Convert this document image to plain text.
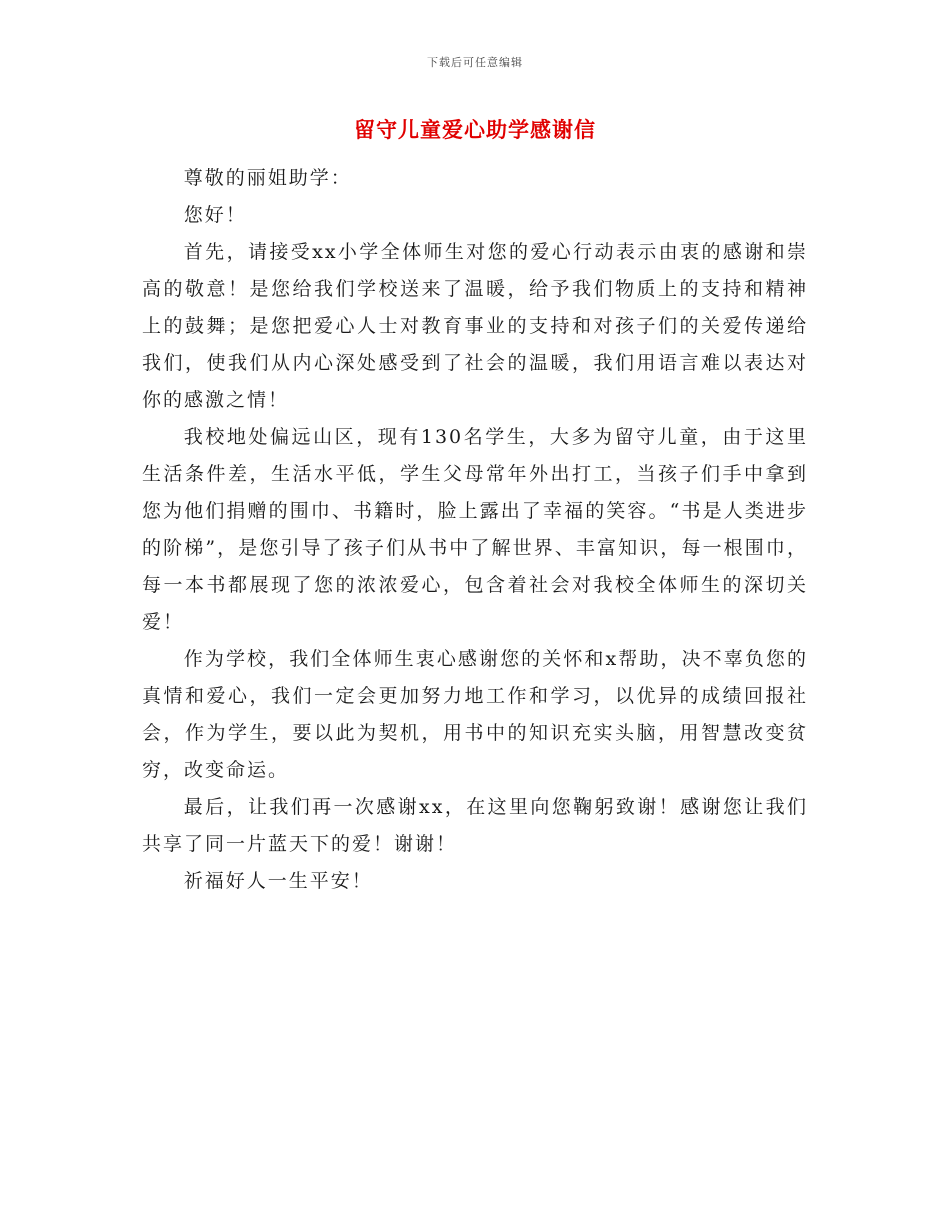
下载后可任意编辑
留守儿童爱心助学感谢信

尊敬的丽姐助学：

您好！

首先，请接受xx小学全体师生对您的爱心行动表示由衷的感谢和崇高的敬意！是您给我们学校送来了温暖，给予我们物质上的支持和精神上的鼓舞；是您把爱心人士对教育事业的支持和对孩子们的关爱传递给我们，使我们从内心深处感受到了社会的温暖，我们用语言难以表达对你的感激之情！

我校地处偏远山区，现有130名学生，大多为留守儿童，由于这里生活条件差，生活水平低，学生父母常年外出打工，当孩子们手中拿到您为他们捐赠的围巾、书籍时，脸上露出了幸福的笑容。“书是人类进步的阶梯”，是您引导了孩子们从书中了解世界、丰富知识，每一根围巾，每一本书都展现了您的浓浓爱心，包含着社会对我校全体师生的深切关爱！

作为学校，我们全体师生衷心感谢您的关怀和x帮助，决不辜负您的真情和爱心，我们一定会更加努力地工作和学习，以优异的成绩回报社会，作为学生，要以此为契机，用书中的知识充实头脑，用智慧改变贫穷，改变命运。

最后，让我们再一次感谢xx，在这里向您鞠躬致谢！感谢您让我们共享了同一片蓝天下的爱！谢谢！

祈福好人一生平安！
